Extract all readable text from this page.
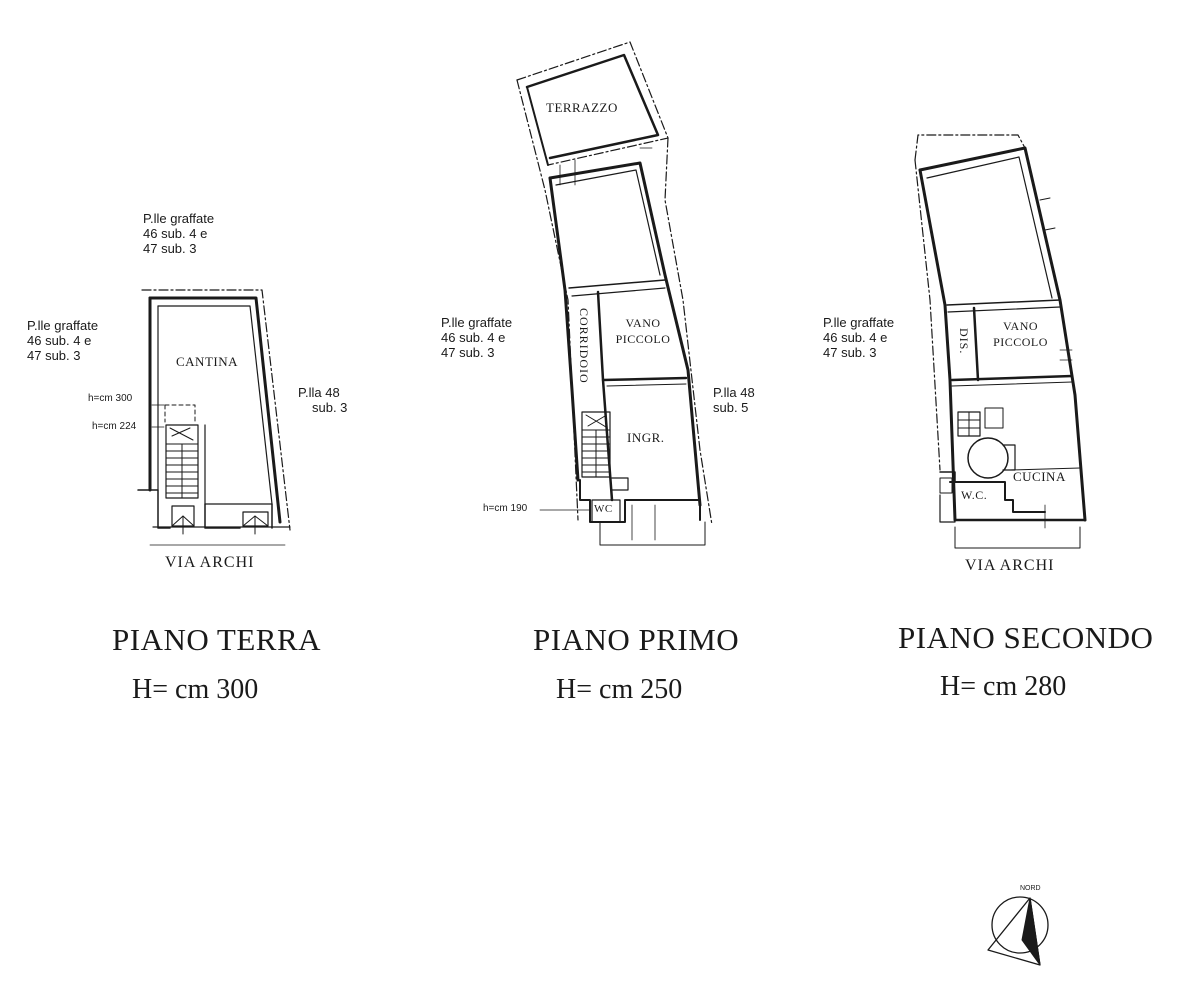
P.lle graffate
46 sub. 4 e
47 sub. 3
P.lle graffate
46 sub. 4 e
47 sub. 3
P.lla 48
sub. 3
CANTINA
h=cm 300
h=cm 224
VIA ARCHI
PIANO TERRA
H= cm 300
TERRAZZO
CORRIDOIO	VANO
PICCOLO
INGR.
WC
P.lle graffate
46 sub. 4 e
47 sub. 3
P.lla 48
sub. 5
h=cm 190
PIANO PRIMO
H= cm 250
P.lle graffate
46 sub. 4 e
47 sub. 3	DIS.
VANO
PICCOLO
CUCINA
W.C.
VIA ARCHI
PIANO SECONDO
H= cm 280
NORD
